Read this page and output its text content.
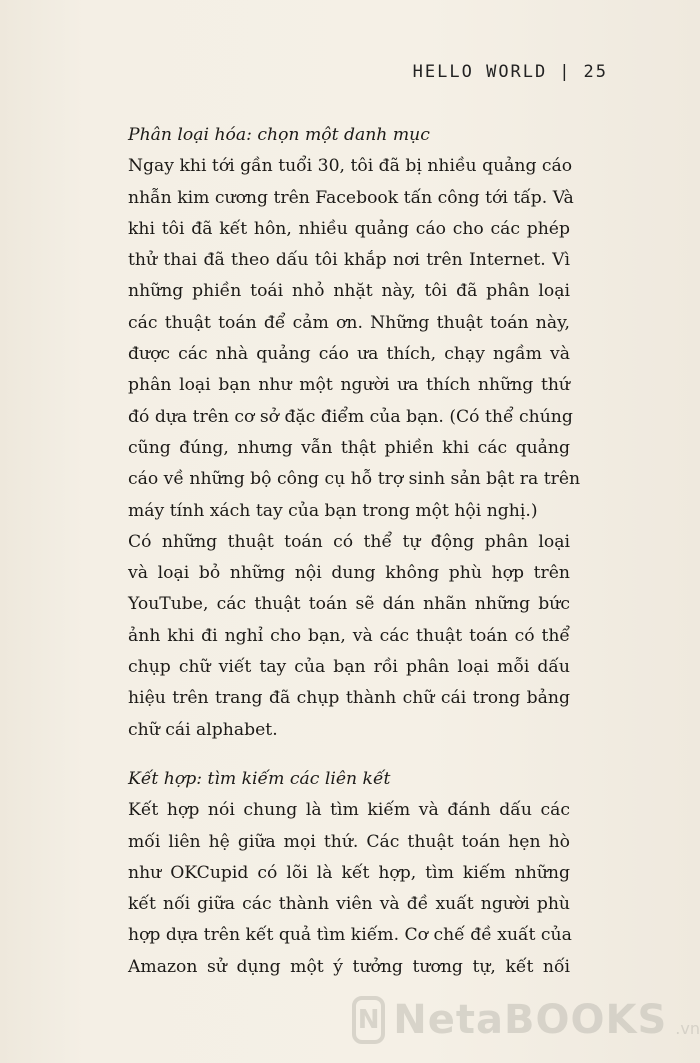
HELLO WORLD | 25
Phân loại hóa: chọn một danh mục
Ngay khi tới gần tuổi 30, tôi đã bị nhiều quảng cáo
nhẫn kim cương trên Facebook tấn công tới tấp. Và
khi tôi đã kết hôn, nhiều quảng cáo cho các phép
thử thai đã theo dấu tôi khắp nơi trên Internet. Vì
những phiền toái nhỏ nhặt này, tôi đã phân loại
các thuật toán để cảm ơn. Những thuật toán này,
được các nhà quảng cáo ưa thích, chạy ngầm và
phân loại bạn như một người ưa thích những thứ
đó dựa trên cơ sở đặc điểm của bạn. (Có thể chúng
cũng đúng, nhưng vẫn thật phiền khi các quảng
cáo về những bộ công cụ hỗ trợ sinh sản bật ra trên
máy tính xách tay của bạn trong một hội nghị.)
Có những thuật toán có thể tự động phân loại
và loại bỏ những nội dung không phù hợp trên
YouTube, các thuật toán sẽ dán nhãn những bức
ảnh khi đi nghỉ cho bạn, và các thuật toán có thể
chụp chữ viết tay của bạn rồi phân loại mỗi dấu
hiệu trên trang đã chụp thành chữ cái trong bảng
chữ cái alphabet.
Kết hợp: tìm kiếm các liên kết
Kết hợp nói chung là tìm kiếm và đánh dấu các
mối liên hệ giữa mọi thứ. Các thuật toán hẹn hò
như OKCupid có lõi là kết hợp, tìm kiếm những
kết nối giữa các thành viên và đề xuất người phù
hợp dựa trên kết quả tìm kiếm. Cơ chế đề xuất của
Amazon sử dụng một ý tưởng tương tự, kết nối
N NetaBOOKS .vn
